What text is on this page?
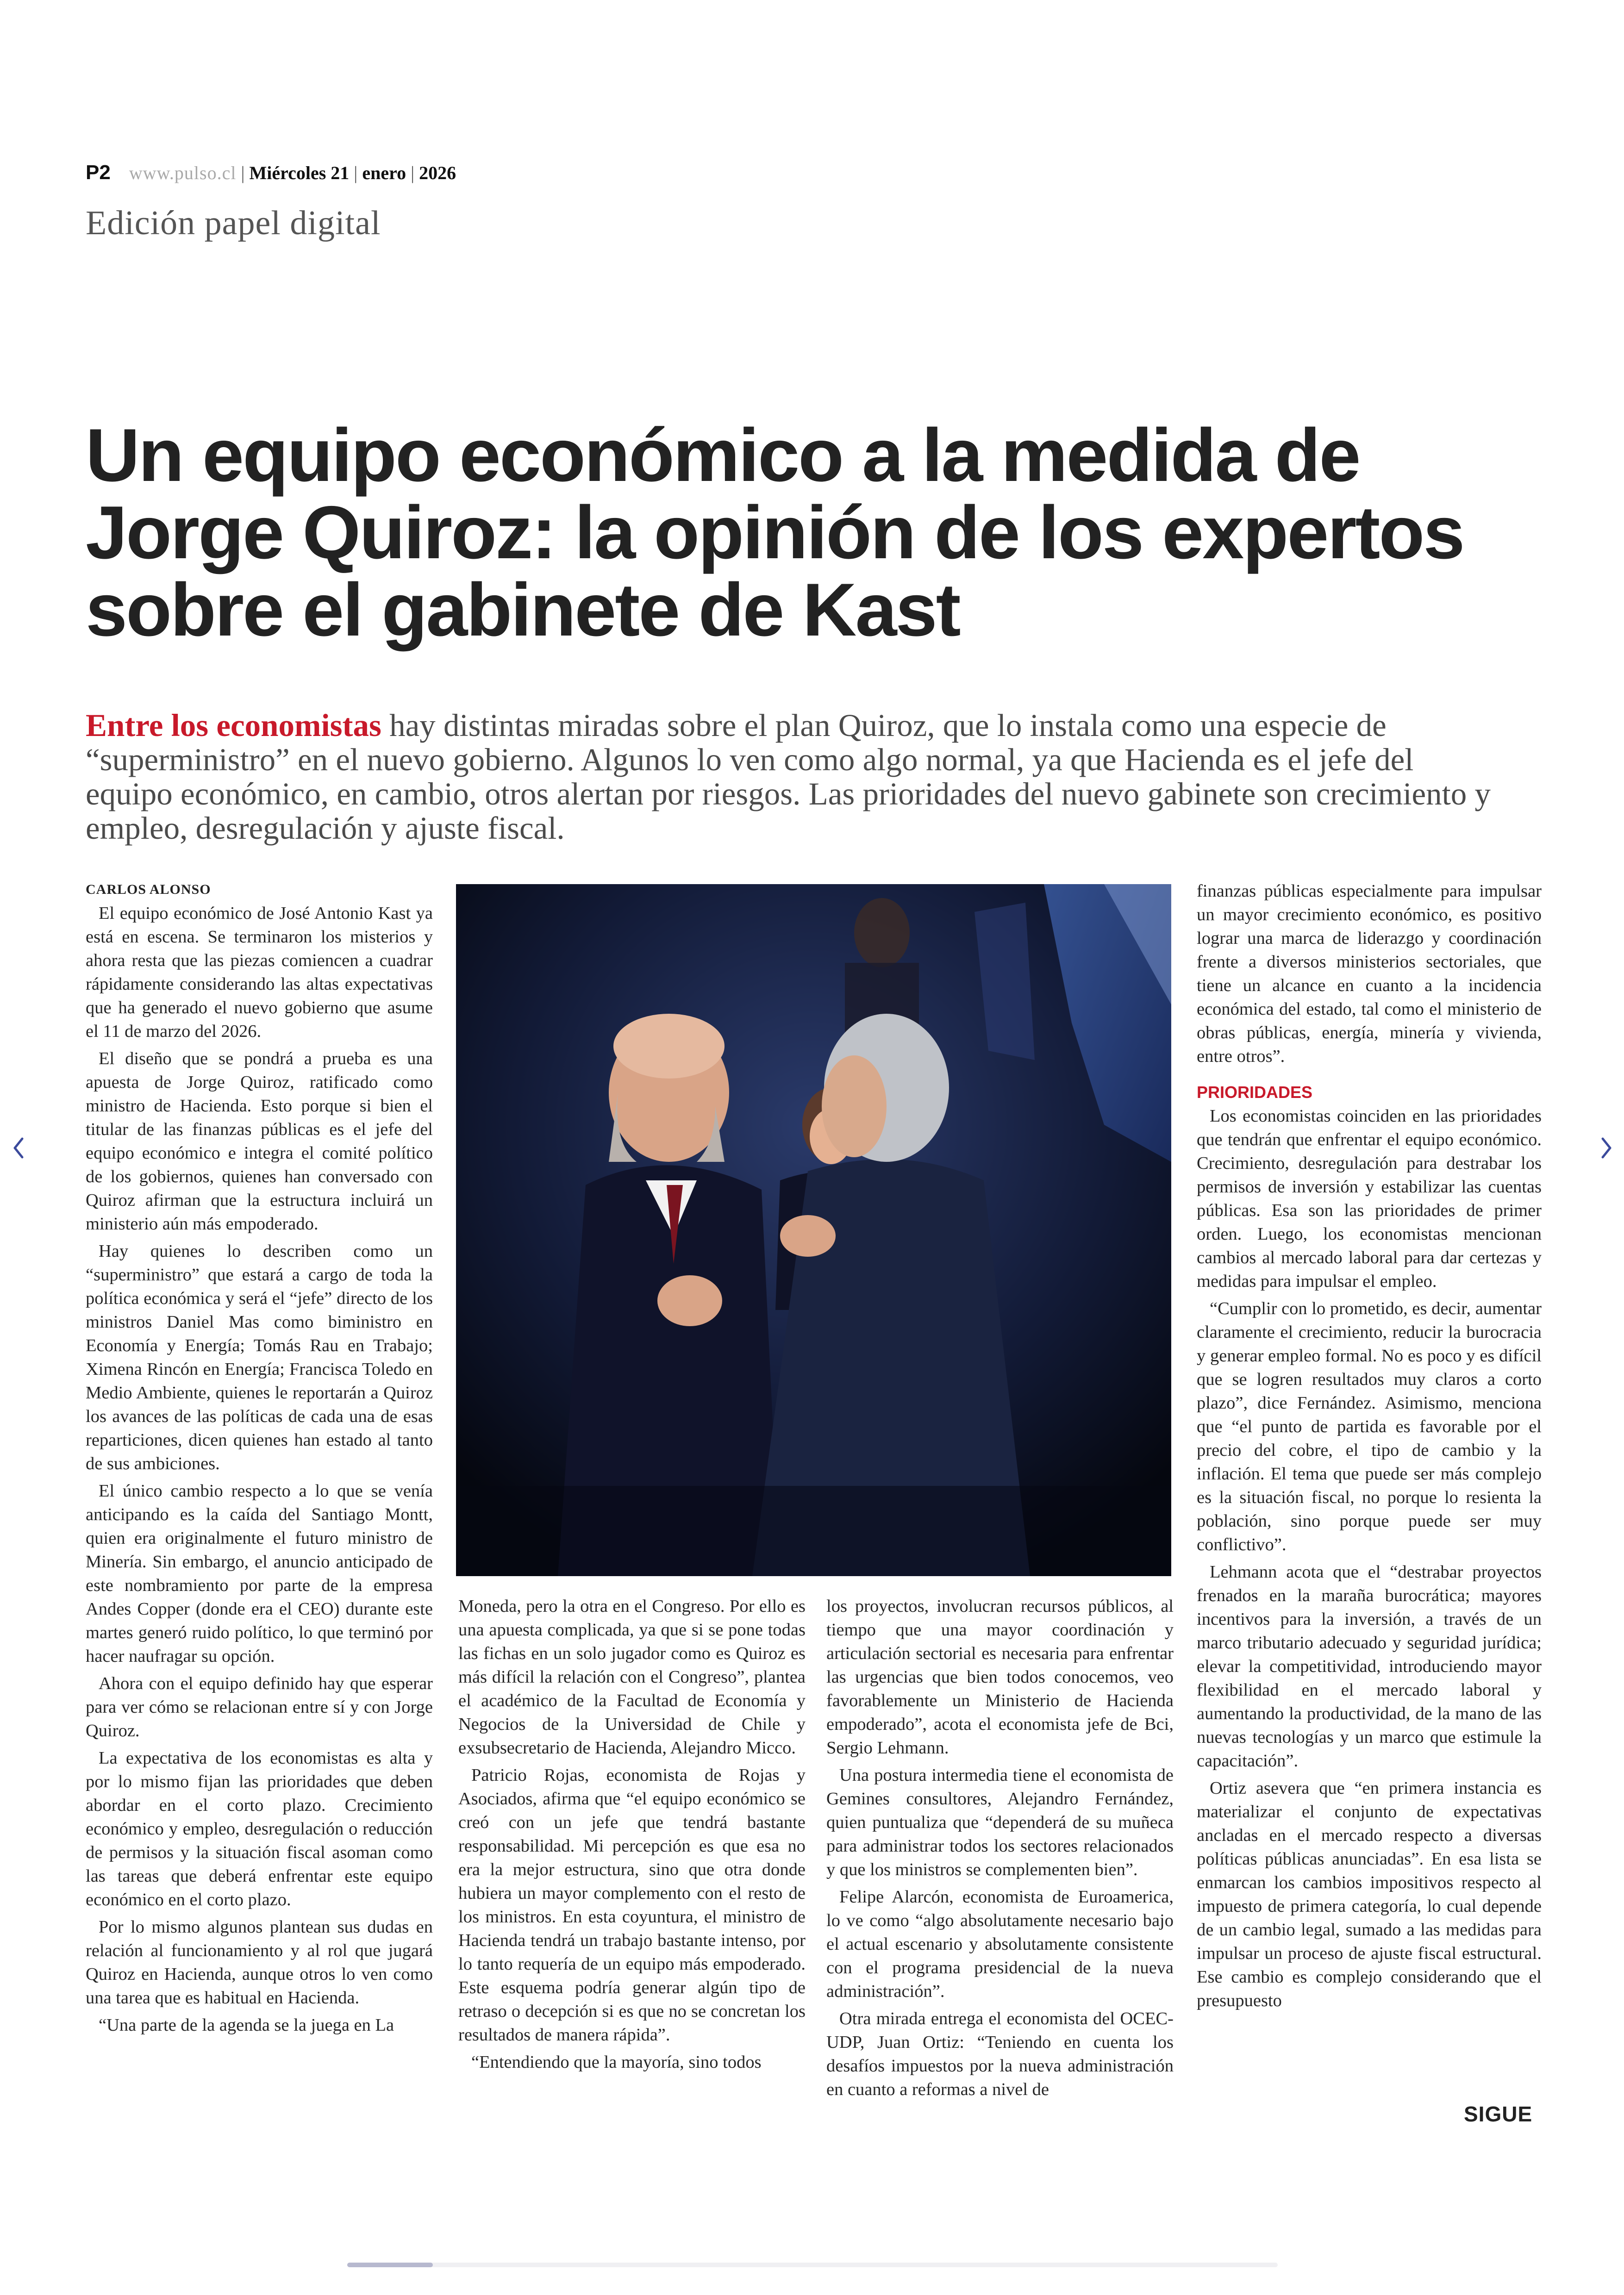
P2 www.pulso.cl | Miércoles 21 | enero | 2026
Edición papel digital
Un equipo económico a la medida de
Jorge Quiroz: la opinión de los expertos
sobre el gabinete de Kast
Entre los economistas hay distintas miradas sobre el plan Quiroz, que lo instala como una especie de
“superministro” en el nuevo gobierno. Algunos lo ven como algo normal, ya que Hacienda es el jefe del
equipo económico, en cambio, otros alertan por riesgos. Las prioridades del nuevo gabinete son crecimiento y
empleo, desregulación y ajuste fiscal.
CARLOS ALONSO

El equipo económico de José Antonio Kast ya está en escena. Se terminaron los misterios y ahora resta que las piezas comiencen a cuadrar rápidamente considerando las altas expectativas que ha generado el nuevo gobierno que asume el 11 de marzo del 2026.

El diseño que se pondrá a prueba es una apuesta de Jorge Quiroz, ratificado como ministro de Hacienda. Esto porque si bien el titular de las finanzas públicas es el jefe del equipo económico e integra el comité político de los gobiernos, quienes han conversado con Quiroz afirman que la estructura incluirá un ministerio aún más empoderado.

Hay quienes lo describen como un “superministro” que estará a cargo de toda la política económica y será el “jefe” directo de los ministros Daniel Mas como biministro en Economía y Energía; Tomás Rau en Trabajo; Ximena Rincón en Energía; Francisca Toledo en Medio Ambiente, quienes le reportarán a Quiroz los avances de las políticas de cada una de esas reparticiones, dicen quienes han estado al tanto de sus ambiciones.

El único cambio respecto a lo que se venía anticipando es la caída del Santiago Montt, quien era originalmente el futuro ministro de Minería. Sin embargo, el anuncio anticipado de este nombramiento por parte de la empresa Andes Copper (donde era el CEO) durante este martes generó ruido político, lo que terminó por hacer naufragar su opción.

Ahora con el equipo definido hay que esperar para ver cómo se relacionan entre sí y con Jorge Quiroz.

La expectativa de los economistas es alta y por lo mismo fijan las prioridades que deben abordar en el corto plazo. Crecimiento económico y empleo, desregulación o reducción de permisos y la situación fiscal asoman como las tareas que deberá enfrentar este equipo económico en el corto plazo.

Por lo mismo algunos plantean sus dudas en relación al funcionamiento y al rol que jugará Quiroz en Hacienda, aunque otros lo ven como una tarea que es habitual en Hacienda.

“Una parte de la agenda se la juega en La

Moneda, pero la otra en el Congreso. Por ello es una apuesta complicada, ya que si se pone todas las fichas en un solo jugador como es Quiroz es más difícil la relación con el Congreso”, plantea el académico de la Facultad de Economía y Negocios de la Universidad de Chile y exsubsecretario de Hacienda, Alejandro Micco.

Patricio Rojas, economista de Rojas y Asociados, afirma que “el equipo económico se creó con un jefe que tendrá bastante responsabilidad. Mi percepción es que esa no era la mejor estructura, sino que otra donde hubiera un mayor complemento con el resto de los ministros. En esta coyuntura, el ministro de Hacienda tendrá un trabajo bastante intenso, por lo tanto requería de un equipo más empoderado. Este esquema podría generar algún tipo de retraso o decepción si es que no se concretan los resultados de manera rápida”.

“Entendiendo que la mayoría, sino todos

los proyectos, involucran recursos públicos, al tiempo que una mayor coordinación y articulación sectorial es necesaria para enfrentar las urgencias que bien todos conocemos, veo favorablemente un Ministerio de Hacienda empoderado”, acota el economista jefe de Bci, Sergio Lehmann.

Una postura intermedia tiene el economista de Gemines consultores, Alejandro Fernández, quien puntualiza que “dependerá de su muñeca para administrar todos los sectores relacionados y que los ministros se complementen bien”.

Felipe Alarcón, economista de Euroamerica, lo ve como “algo absolutamente necesario bajo el actual escenario y absolutamente consistente con el programa presidencial de la nueva administración”.

Otra mirada entrega el economista del OCEC-UDP, Juan Ortiz: “Teniendo en cuenta los desafíos impuestos por la nueva administración en cuanto a reformas a nivel de

finanzas públicas especialmente para impulsar un mayor crecimiento económico, es positivo lograr una marca de liderazgo y coordinación frente a diversos ministerios sectoriales, que tiene un alcance en cuanto a la incidencia económica del estado, tal como el ministerio de obras públicas, energía, minería y vivienda, entre otros”.

PRIORIDADES

Los economistas coinciden en las prioridades que tendrán que enfrentar el equipo económico. Crecimiento, desregulación para destrabar los permisos de inversión y estabilizar las cuentas públicas. Esa son las prioridades de primer orden. Luego, los economistas mencionan cambios al mercado laboral para dar certezas y medidas para impulsar el empleo.

“Cumplir con lo prometido, es decir, aumentar claramente el crecimiento, reducir la burocracia y generar empleo formal. No es poco y es difícil que se logren resultados muy claros a corto plazo”, dice Fernández. Asimismo, menciona que “el punto de partida es favorable por el precio del cobre, el tipo de cambio y la inflación. El tema que puede ser más complejo es la situación fiscal, no porque lo resienta la población, sino porque puede ser muy conflictivo”.

Lehmann acota que el “destrabar proyectos frenados en la maraña burocrática; mayores incentivos para la inversión, a través de un marco tributario adecuado y seguridad jurídica; elevar la competitividad, introduciendo mayor flexibilidad en el mercado laboral y aumentando la productividad, de la mano de las nuevas tecnologías y un marco que estimule la capacitación”.

Ortiz asevera que “en primera instancia es materializar el conjunto de expectativas ancladas en el mercado respecto a diversas políticas públicas anunciadas”. En esa lista se enmarcan los cambios impositivos respecto al impuesto de primera categoría, lo cual depende de un cambio legal, sumado a las medidas para impulsar un proceso de ajuste fiscal estructural. Ese cambio es complejo considerando que el presupuesto

SIGUE
